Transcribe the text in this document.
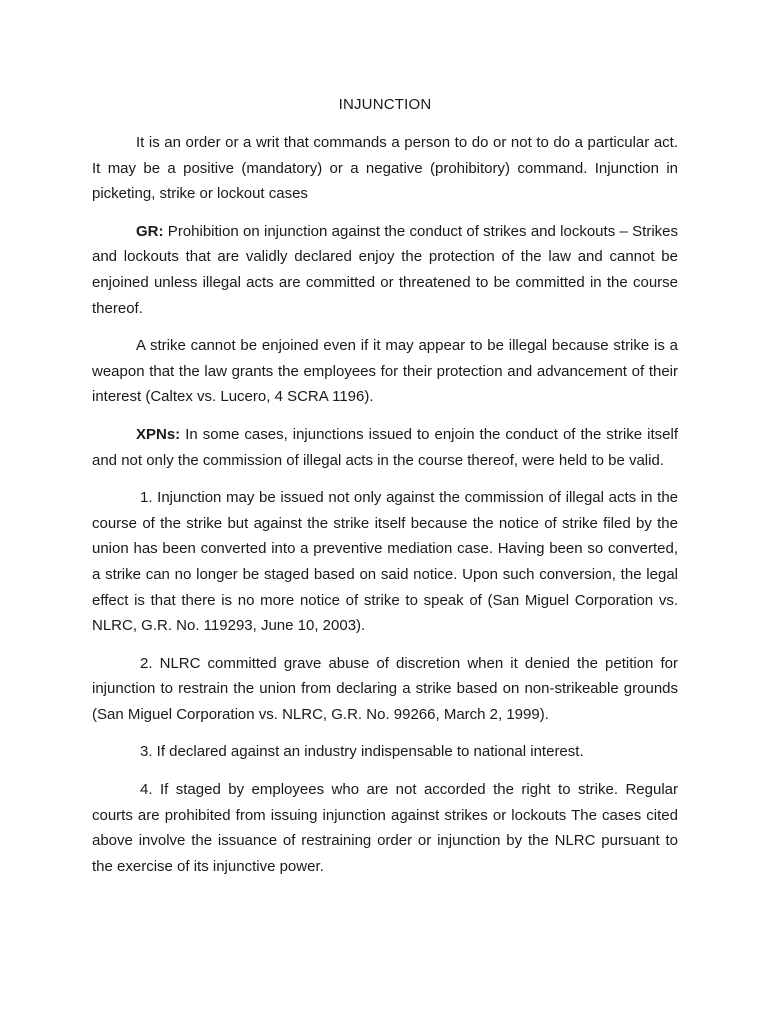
INJUNCTION

It is an order or a writ that commands a person to do or not to do a particular act. It may be a positive (mandatory) or a negative (prohibitory) command. Injunction in picketing, strike or lockout cases

GR: Prohibition on injunction against the conduct of strikes and lockouts – Strikes and lockouts that are validly declared enjoy the protection of the law and cannot be enjoined unless illegal acts are committed or threatened to be committed in the course thereof.

A strike cannot be enjoined even if it may appear to be illegal because strike is a weapon that the law grants the employees for their protection and advancement of their interest (Caltex vs. Lucero, 4 SCRA 1196).

XPNs: In some cases, injunctions issued to enjoin the conduct of the strike itself and not only the commission of illegal acts in the course thereof, were held to be valid.

1. Injunction may be issued not only against the commission of illegal acts in the course of the strike but against the strike itself because the notice of strike filed by the union has been converted into a preventive mediation case. Having been so converted, a strike can no longer be staged based on said notice. Upon such conversion, the legal effect is that there is no more notice of strike to speak of (San Miguel Corporation vs. NLRC, G.R. No. 119293, June 10, 2003).

2. NLRC committed grave abuse of discretion when it denied the petition for injunction to restrain the union from declaring a strike based on non-strikeable grounds (San Miguel Corporation vs. NLRC, G.R. No. 99266, March 2, 1999).

3. If declared against an industry indispensable to national interest.

4. If staged by employees who are not accorded the right to strike. Regular courts are prohibited from issuing injunction against strikes or lockouts The cases cited above involve the issuance of restraining order or injunction by the NLRC pursuant to the exercise of its injunctive power.
